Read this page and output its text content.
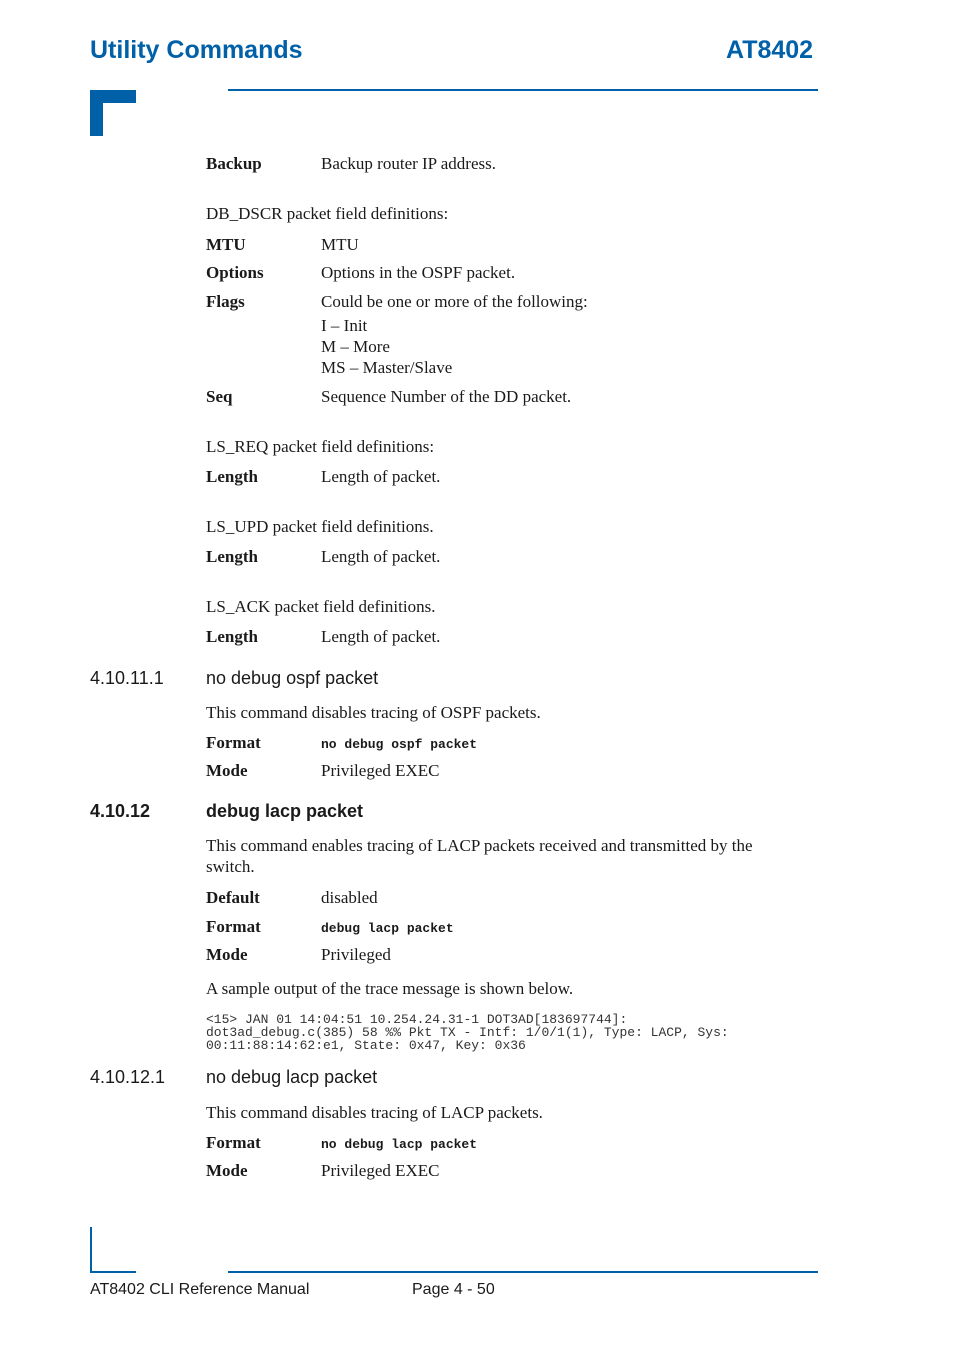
Utility Commands	AT8402
Backup	Backup router IP address.
DB_DSCR packet field definitions:
MTU	MTU
Options	Options in the OSPF packet.
Flags	Could be one or more of the following:
I – Init
M – More
MS – Master/Slave
Seq	Sequence Number of the DD packet.
LS_REQ packet field definitions:
Length	Length of packet.
LS_UPD packet field definitions.
Length	Length of packet.
LS_ACK packet field definitions.
Length	Length of packet.
4.10.11.1 no debug ospf packet
This command disables tracing of OSPF packets.
Format	no debug ospf packet
Mode	Privileged EXEC
4.10.12	debug lacp packet
This command enables tracing of LACP packets received and transmitted by the
switch.
Default	disabled
Format	debug lacp packet
Mode	Privileged
A sample output of the trace message is shown below.
<15> JAN 01 14:04:51 10.254.24.31-1 DOT3AD[183697744]:
dot3ad_debug.c(385) 58 %% Pkt TX - Intf: 1/0/1(1), Type: LACP, Sys:
00:11:88:14:62:e1, State: 0x47, Key: 0x36
4.10.12.1 no debug lacp packet
This command disables tracing of LACP packets.
Format	no debug lacp packet
Mode	Privileged EXEC
AT8402 CLI Reference Manual	Page 4 - 50
